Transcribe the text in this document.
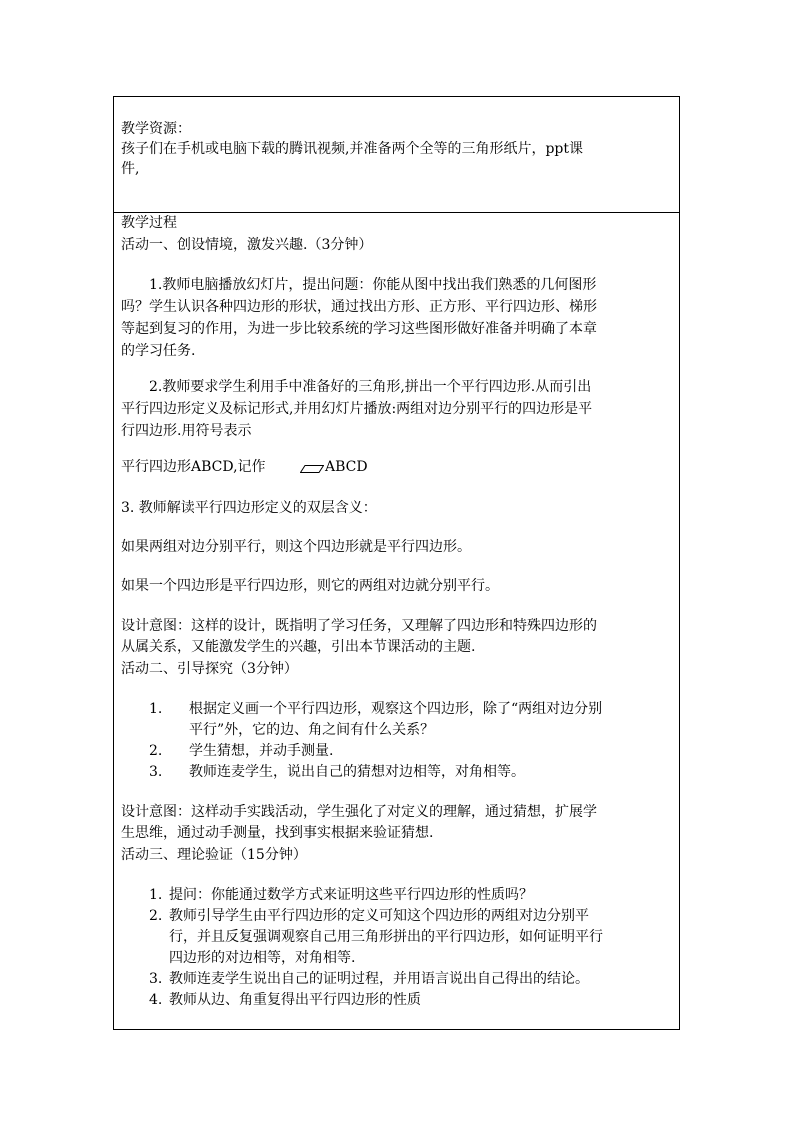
教学资源：
孩子们在手机或电脑下载的腾讯视频,并准备两个全等的三角形纸片，ppt课
件,
教学过程
活动一、创设情境，激发兴趣.（3分钟）
1.教师电脑播放幻灯片，提出问题：你能从图中找出我们熟悉的几何图形
吗？学生认识各种四边形的形状，通过找出方形、正方形、平行四边形、梯形
等起到复习的作用，为进一步比较系统的学习这些图形做好准备并明确了本章
的学习任务.
2.教师要求学生利用手中准备好的三角形,拼出一个平行四边形.从而引出
平行四边形定义及标记形式,并用幻灯片播放:两组对边分别平行的四边形是平
行四边形.用符号表示
平行四边形ABCD,记作	ABCD
3. 教师解读平行四边形定义的双层含义：
如果两组对边分别平行，则这个四边形就是平行四边形。
如果一个四边形是平行四边形，则它的两组对边就分别平行。
设计意图：这样的设计，既指明了学习任务，又理解了四边形和特殊四边形的
从属关系，又能激发学生的兴趣，引出本节课活动的主题.
活动二、引导探究（3分钟）
1. 根据定义画一个平行四边形，观察这个四边形，除了“两组对边分别
平行”外，它的边、角之间有什么关系？
2. 学生猜想，并动手测量.
3. 教师连麦学生，说出自己的猜想对边相等，对角相等。
设计意图：这样动手实践活动，学生强化了对定义的理解，通过猜想，扩展学
生思维，通过动手测量，找到事实根据来验证猜想.
活动三、理论验证（15分钟）
1. 提问：你能通过数学方式来证明这些平行四边形的性质吗？
2. 教师引导学生由平行四边形的定义可知这个四边形的两组对边分别平
行，并且反复强调观察自己用三角形拼出的平行四边形，如何证明平行
四边形的对边相等，对角相等.
3. 教师连麦学生说出自己的证明过程，并用语言说出自己得出的结论。
4. 教师从边、角重复得出平行四边形的性质
